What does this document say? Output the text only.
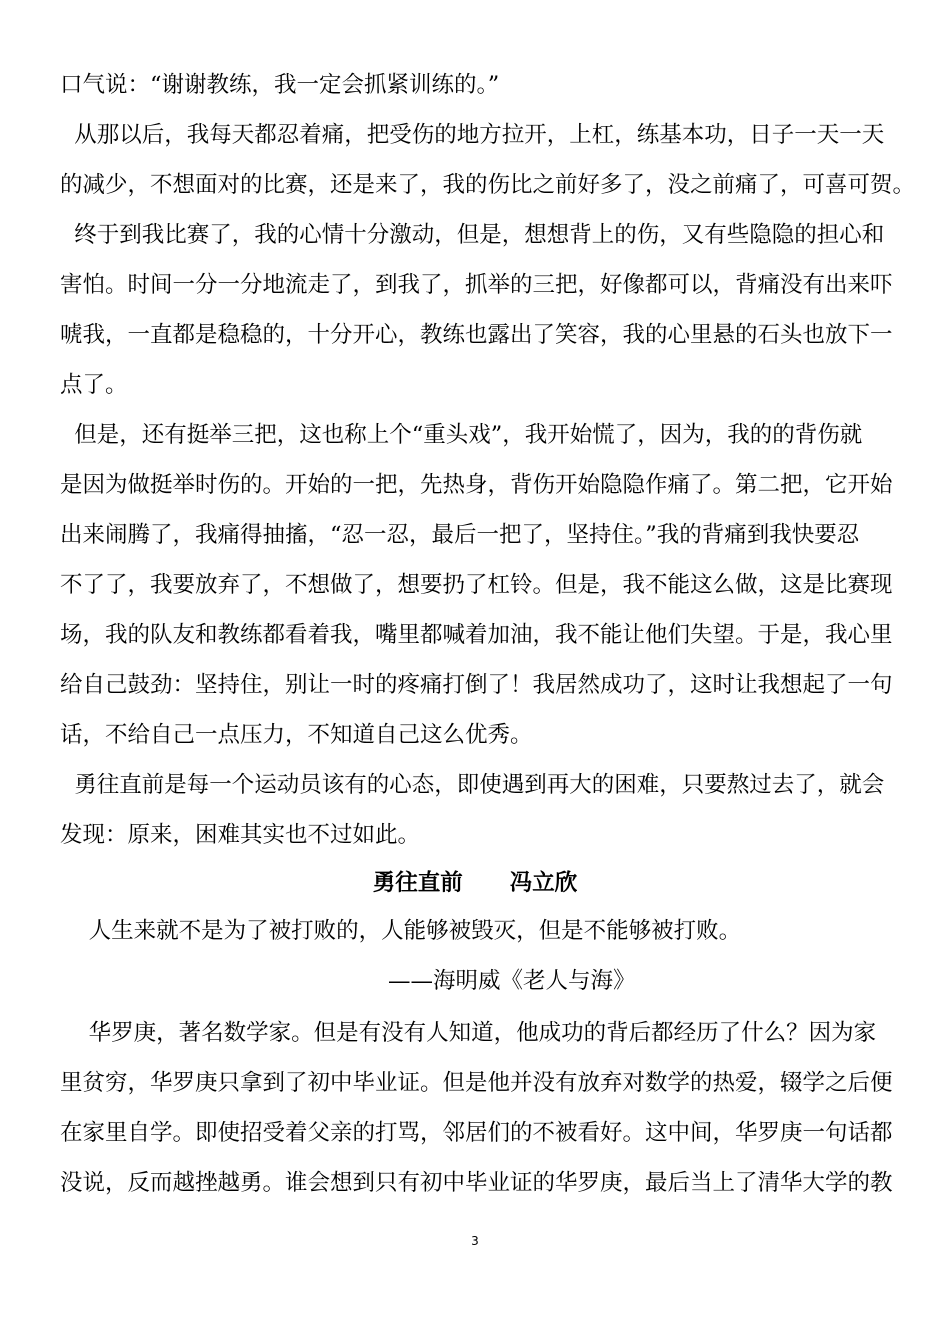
口气说：“谢谢教练，我一定会抓紧训练的。”
从那以后，我每天都忍着痛，把受伤的地方拉开，上杠，练基本功，日子一天一天
的减少，不想面对的比赛，还是来了，我的伤比之前好多了，没之前痛了，可喜可贺。
终于到我比赛了，我的心情十分激动，但是，想想背上的伤，又有些隐隐的担心和
害怕。时间一分一分地流走了，到我了，抓举的三把，好像都可以，背痛没有出来吓
唬我，一直都是稳稳的，十分开心，教练也露出了笑容，我的心里悬的石头也放下一
点了。
但是，还有挺举三把，这也称上个“重头戏”，我开始慌了，因为，我的的背伤就
是因为做挺举时伤的。开始的一把，先热身，背伤开始隐隐作痛了。第二把，它开始
出来闹腾了，我痛得抽搐，“忍一忍，最后一把了，坚持住。”我的背痛到我快要忍
不了了，我要放弃了，不想做了，想要扔了杠铃。但是，我不能这么做，这是比赛现
场，我的队友和教练都看着我，嘴里都喊着加油，我不能让他们失望。于是，我心里
给自己鼓劲：坚持住，别让一时的疼痛打倒了！我居然成功了，这时让我想起了一句
话，不给自己一点压力，不知道自己这么优秀。
勇往直前是每一个运动员该有的心态，即使遇到再大的困难，只要熬过去了，就会
发现：原来，困难其实也不过如此。
勇往直前      冯立欣
人生来就不是为了被打败的，人能够被毁灭，但是不能够被打败。
——海明威《老人与海》
华罗庚，著名数学家。但是有没有人知道，他成功的背后都经历了什么？因为家
里贫穷，华罗庚只拿到了初中毕业证。但是他并没有放弃对数学的热爱，辍学之后便
在家里自学。即使招受着父亲的打骂，邻居们的不被看好。这中间，华罗庚一句话都
没说，反而越挫越勇。谁会想到只有初中毕业证的华罗庚，最后当上了清华大学的教
3
